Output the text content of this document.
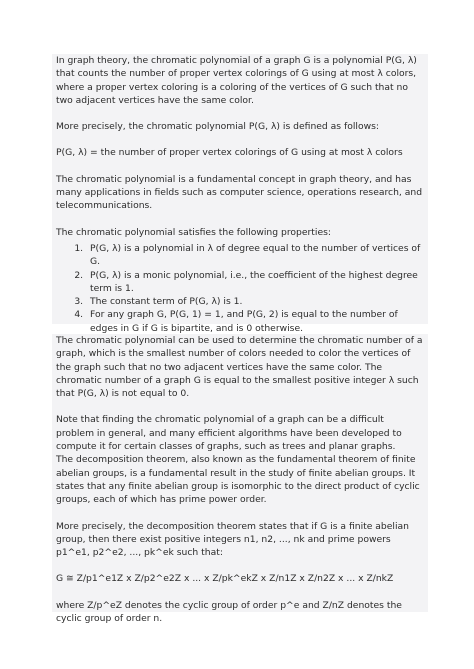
In graph theory, the chromatic polynomial of a graph G is a polynomial P(G, λ) that counts the number of proper vertex colorings of G using at most λ colors, where a proper vertex coloring is a coloring of the vertices of G such that no two adjacent vertices have the same color.

More precisely, the chromatic polynomial P(G, λ) is defined as follows:

P(G, λ) = the number of proper vertex colorings of G using at most λ colors

The chromatic polynomial is a fundamental concept in graph theory, and has many applications in fields such as computer science, operations research, and telecommunications.

The chromatic polynomial satisfies the following properties:

1. P(G, λ) is a polynomial in λ of degree equal to the number of vertices of G.
2. P(G, λ) is a monic polynomial, i.e., the coefficient of the highest degree term is 1.
3. The constant term of P(G, λ) is 1.
4. For any graph G, P(G, 1) = 1, and P(G, 2) is equal to the number of edges in G if G is bipartite, and is 0 otherwise.

The chromatic polynomial can be used to determine the chromatic number of a graph, which is the smallest number of colors needed to color the vertices of the graph such that no two adjacent vertices have the same color. The chromatic number of a graph G is equal to the smallest positive integer λ such that P(G, λ) is not equal to 0.

Note that finding the chromatic polynomial of a graph can be a difficult problem in general, and many efficient algorithms have been developed to compute it for certain classes of graphs, such as trees and planar graphs.

The decomposition theorem, also known as the fundamental theorem of finite abelian groups, is a fundamental result in the study of finite abelian groups. It states that any finite abelian group is isomorphic to the direct product of cyclic groups, each of which has prime power order.

More precisely, the decomposition theorem states that if G is a finite abelian group, then there exist positive integers n1, n2, ..., nk and prime powers p1^e1, p2^e2, ..., pk^ek such that:

G ≅ Z/p1^e1Z x Z/p2^e2Z x ... x Z/pk^ekZ x Z/n1Z x Z/n2Z x ... x Z/nkZ

where Z/p^eZ denotes the cyclic group of order p^e and Z/nZ denotes the cyclic group of order n.
